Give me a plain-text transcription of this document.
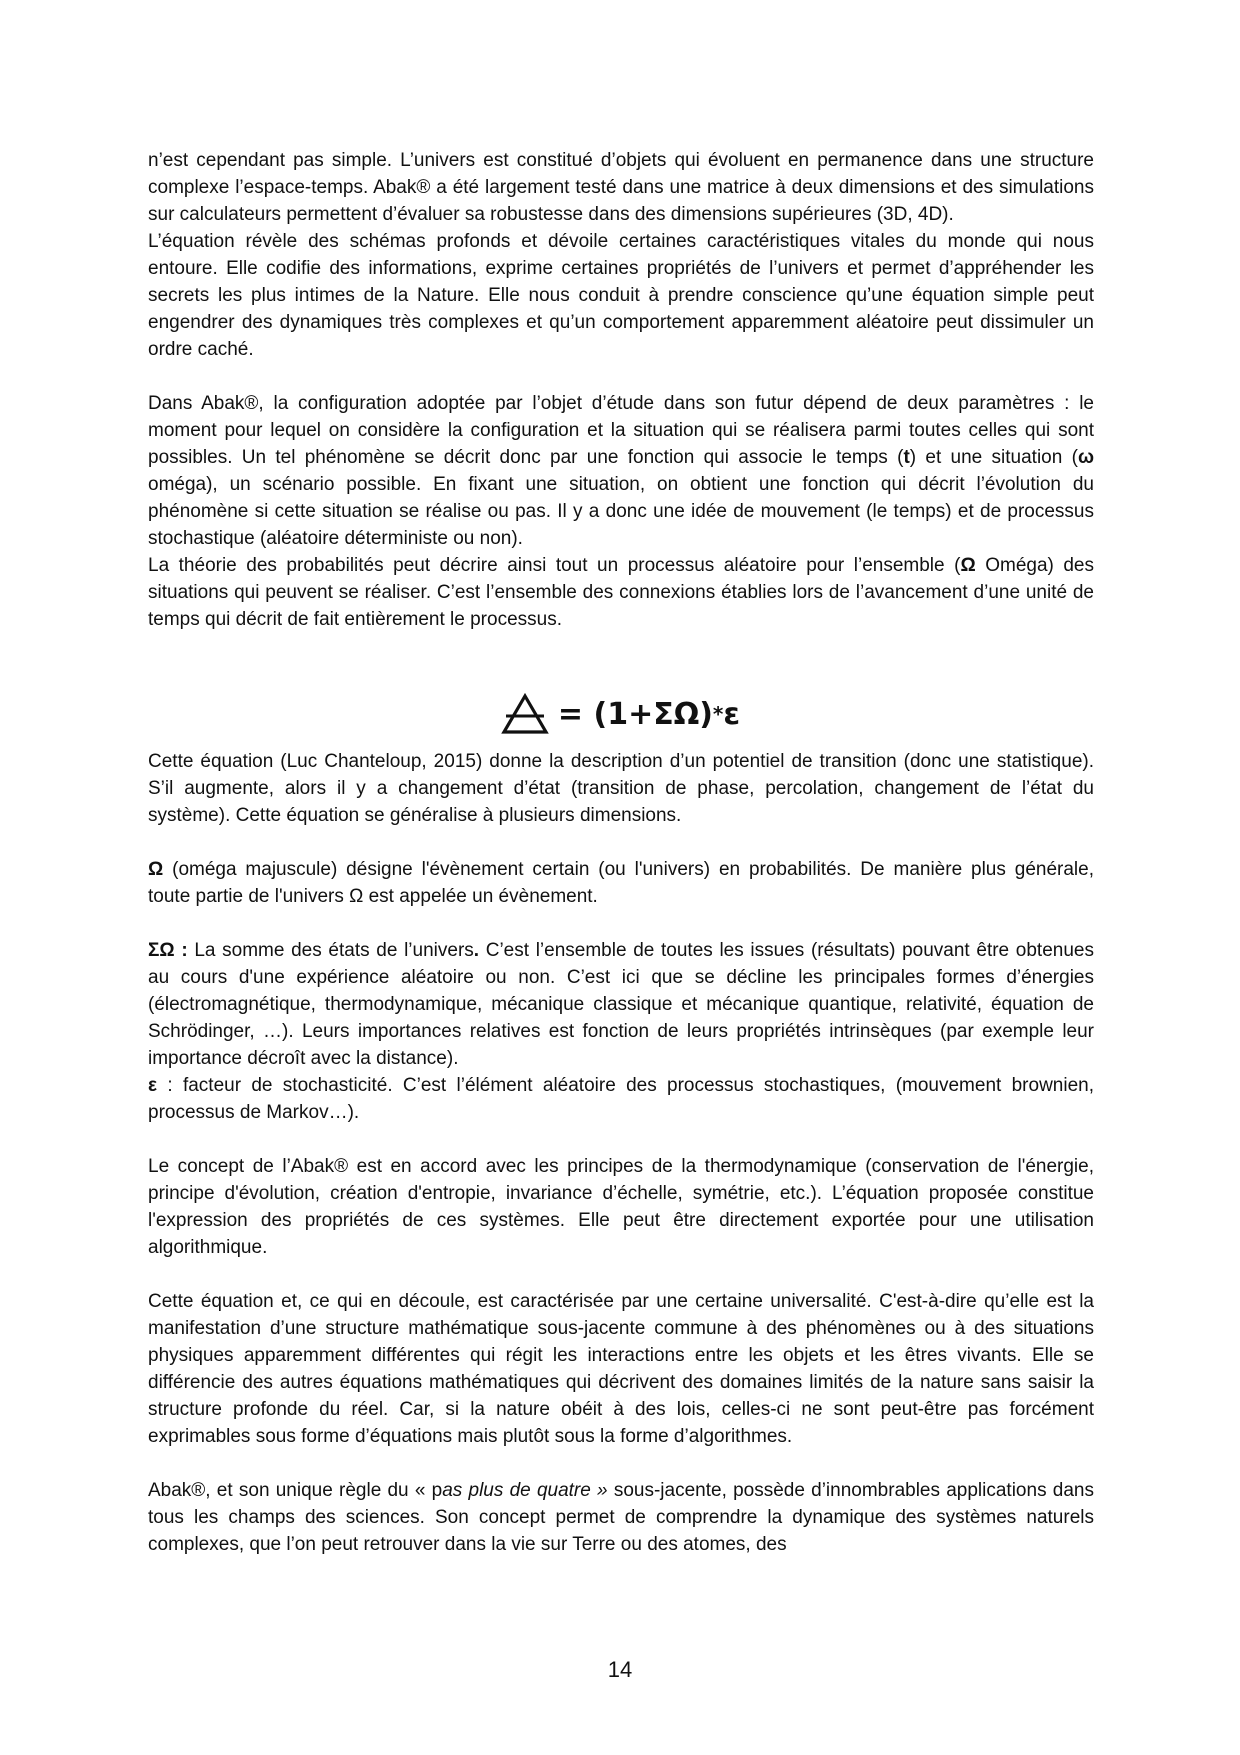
n’est cependant pas simple. L’univers est constitué d’objets qui évoluent en permanence dans une structure complexe l’espace-temps. Abak® a été largement testé dans une matrice à deux dimensions et des simulations sur calculateurs permettent d’évaluer sa robustesse dans des dimensions supérieures (3D, 4D).

L’équation révèle des schémas profonds et dévoile certaines caractéristiques vitales du monde qui nous entoure. Elle codifie des informations, exprime certaines propriétés de l’univers et permet d’appréhender les secrets les plus intimes de la Nature. Elle nous conduit à prendre conscience qu’une équation simple peut engendrer des dynamiques très complexes et qu’un comportement apparemment aléatoire peut dissimuler un ordre caché.

Dans Abak®, la configuration adoptée par l’objet d’étude dans son futur dépend de deux paramètres : le moment pour lequel on considère la configuration et la situation qui se réalisera parmi toutes celles qui sont possibles. Un tel phénomène se décrit donc par une fonction qui associe le temps (t) et une situation (ω oméga), un scénario possible. En fixant une situation, on obtient une fonction qui décrit l’évolution du phénomène si cette situation se réalise ou pas. Il y a donc une idée de mouvement (le temps) et de processus stochastique (aléatoire déterministe ou non).

La théorie des probabilités peut décrire ainsi tout un processus aléatoire pour l’ensemble (Ω Oméga) des situations qui peuvent se réaliser. C’est l’ensemble des connexions établies lors de l’avancement d’une unité de temps qui décrit de fait entièrement le processus.

= (1+ΣΩ) * ε

Cette équation (Luc Chanteloup, 2015) donne la description d’un potentiel de transition (donc une statistique). S’il augmente, alors il y a changement d’état (transition de phase, percolation, changement de l’état du système). Cette équation se généralise à plusieurs dimensions.

Ω (oméga majuscule) désigne l'évènement certain (ou l'univers) en probabilités. De manière plus générale, toute partie de l'univers Ω est appelée un évènement.

ΣΩ : La somme des états de l’univers. C’est l’ensemble de toutes les issues (résultats) pouvant être obtenues au cours d'une expérience aléatoire ou non. C’est ici que se décline les principales formes d’énergies (électromagnétique, thermodynamique, mécanique classique et mécanique quantique, relativité, équation de Schrödinger, …). Leurs importances relatives est fonction de leurs propriétés intrinsèques (par exemple leur importance décroît avec la distance).

ε : facteur de stochasticité. C’est l’élément aléatoire des processus stochastiques, (mouvement brownien, processus de Markov…).

Le concept de l’Abak® est en accord avec les principes de la thermodynamique (conservation de l'énergie, principe d'évolution, création d'entropie, invariance d’échelle, symétrie, etc.). L’équation proposée constitue l'expression des propriétés de ces systèmes. Elle peut être directement exportée pour une utilisation algorithmique.

Cette équation et, ce qui en découle, est caractérisée par une certaine universalité. C'est-à-dire qu’elle est la manifestation d’une structure mathématique sous-jacente commune à des phénomènes ou à des situations physiques apparemment différentes qui régit les interactions entre les objets et les êtres vivants. Elle se différencie des autres équations mathématiques qui décrivent des domaines limités de la nature sans saisir la structure profonde du réel. Car, si la nature obéit à des lois, celles-ci ne sont peut-être pas forcément exprimables sous forme d’équations mais plutôt sous la forme d’algorithmes.

Abak®, et son unique règle du « pas plus de quatre » sous-jacente, possède d’innombrables applications dans tous les champs des sciences. Son concept permet de comprendre la dynamique des systèmes naturels complexes, que l’on peut retrouver dans la vie sur Terre ou des atomes, des

14
